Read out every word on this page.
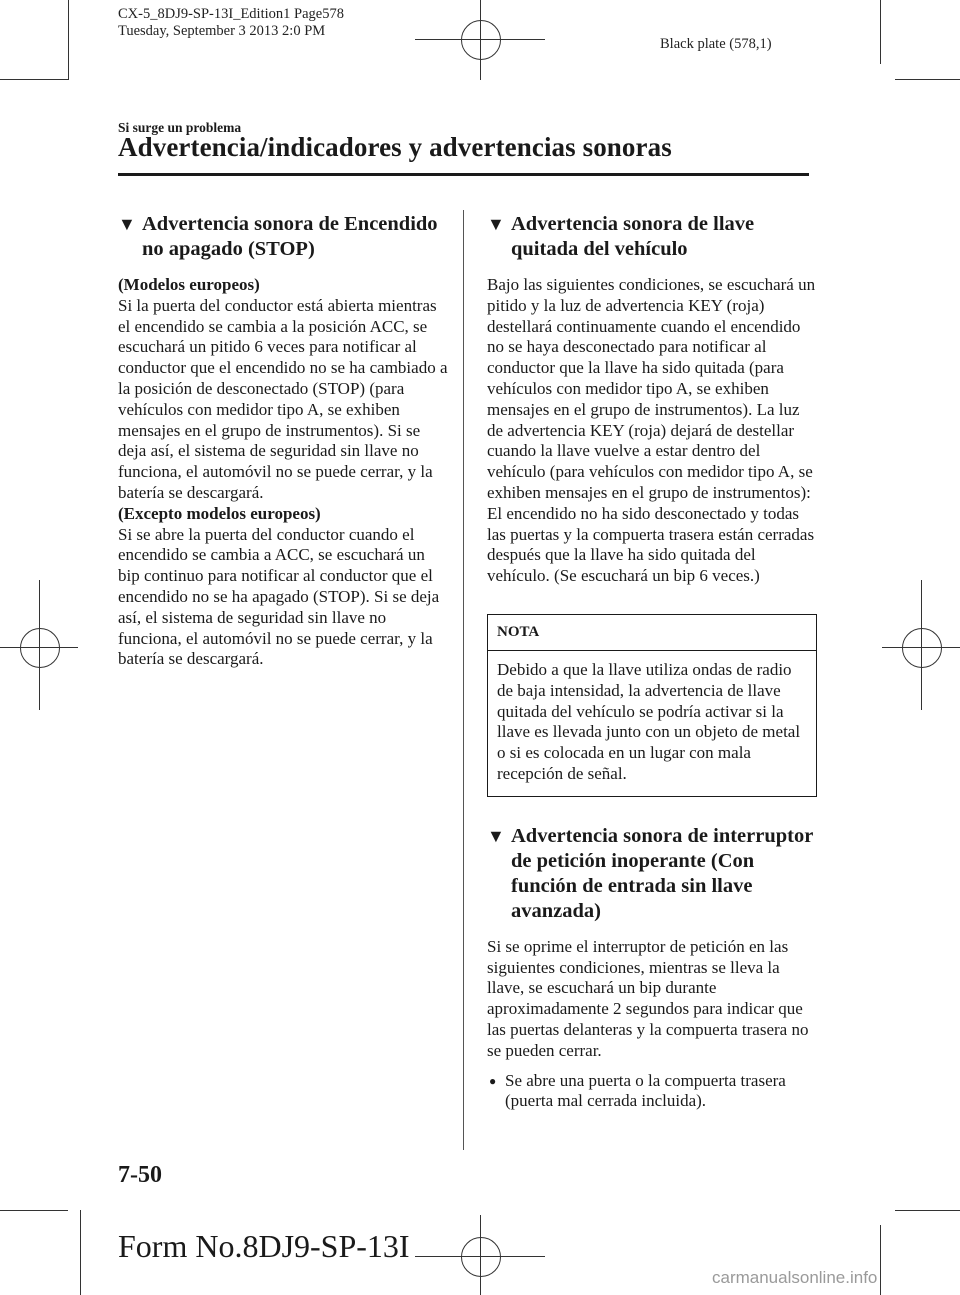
CX-5_8DJ9-SP-13I_Edition1 Page578
Tuesday, September 3 2013 2:0 PM
Black plate (578,1)
Si surge un problema
Advertencia/indicadores y advertencias sonoras
▼ Advertencia sonora de Encendido no apagado (STOP)

(Modelos europeos)
Si la puerta del conductor está abierta mientras el encendido se cambia a la posición ACC, se escuchará un pitido 6 veces para notificar al conductor que el encendido no se ha cambiado a la posición de desconectado (STOP) (para vehículos con medidor tipo A, se exhiben mensajes en el grupo de instrumentos). Si se deja así, el sistema de seguridad sin llave no funciona, el automóvil no se puede cerrar, y la batería se descargará.
(Excepto modelos europeos)
Si se abre la puerta del conductor cuando el encendido se cambia a ACC, se escuchará un bip continuo para notificar al conductor que el encendido no se ha apagado (STOP). Si se deja así, el sistema de seguridad sin llave no funciona, el automóvil no se puede cerrar, y la batería se descargará.

▼ Advertencia sonora de llave quitada del vehículo

Bajo las siguientes condiciones, se escuchará un pitido y la luz de advertencia KEY (roja) destellará continuamente cuando el encendido no se haya desconectado para notificar al conductor que la llave ha sido quitada (para vehículos con medidor tipo A, se exhiben mensajes en el grupo de instrumentos). La luz de advertencia KEY (roja) dejará de destellar cuando la llave vuelve a estar dentro del vehículo (para vehículos con medidor tipo A, se exhiben mensajes en el grupo de instrumentos):

El encendido no ha sido desconectado y todas las puertas y la compuerta trasera están cerradas después que la llave ha sido quitada del vehículo. (Se escuchará un bip 6 veces.)

NOTA
Debido a que la llave utiliza ondas de radio de baja intensidad, la advertencia de llave quitada del vehículo se podría activar si la llave es llevada junto con un objeto de metal o si es colocada en un lugar con mala recepción de señal.
▼ Advertencia sonora de interruptor de petición inoperante (Con función de entrada sin llave avanzada)

Si se oprime el interruptor de petición en las siguientes condiciones, mientras se lleva la llave, se escuchará un bip durante aproximadamente 2 segundos para indicar que las puertas delanteras y la compuerta trasera no se pueden cerrar.

● Se abre una puerta o la compuerta trasera (puerta mal cerrada incluida).
7-50
Form No.8DJ9-SP-13I
carmanualsonline.info
